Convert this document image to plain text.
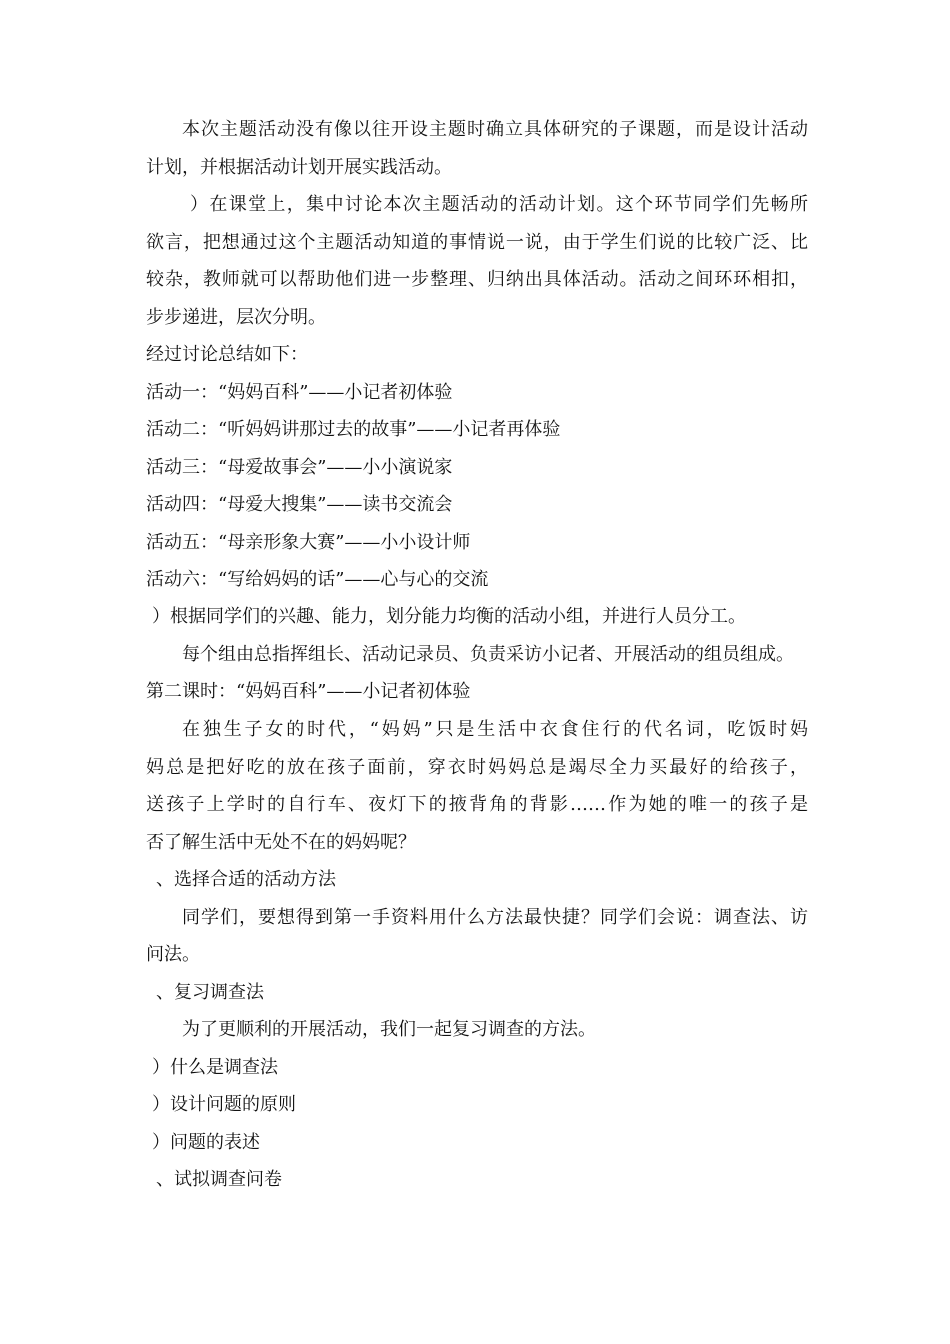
本次主题活动没有像以往开设主题时确立具体研究的子课题，而是设计活动
计划，并根据活动计划开展实践活动。
）在课堂上，集中讨论本次主题活动的活动计划。这个环节同学们先畅所
欲言，把想通过这个主题活动知道的事情说一说，由于学生们说的比较广泛、比
较杂，教师就可以帮助他们进一步整理、归纳出具体活动。活动之间环环相扣，
步步递进，层次分明。
经过讨论总结如下：
活动一：“妈妈百科”——小记者初体验
活动二：“听妈妈讲那过去的故事”——小记者再体验
活动三：“母爱故事会”——小小演说家
活动四：“母爱大搜集”——读书交流会
活动五：“母亲形象大赛”——小小设计师
活动六：“写给妈妈的话”——心与心的交流
）根据同学们的兴趣、能力，划分能力均衡的活动小组，并进行人员分工。
每个组由总指挥组长、活动记录员、负责采访小记者、开展活动的组员组成。
第二课时：“妈妈百科”——小记者初体验
在独生子女的时代，“妈妈”只是生活中衣食住行的代名词，吃饭时妈
妈总是把好吃的放在孩子面前，穿衣时妈妈总是竭尽全力买最好的给孩子，
送孩子上学时的自行车、夜灯下的掖背角的背影……作为她的唯一的孩子是
否了解生活中无处不在的妈妈呢？
、选择合适的活动方法
同学们，要想得到第一手资料用什么方法最快捷？同学们会说：调查法、访
问法。
、复习调查法
为了更顺利的开展活动，我们一起复习调查的方法。
）什么是调查法
）设计问题的原则
）问题的表述
、试拟调查问卷
